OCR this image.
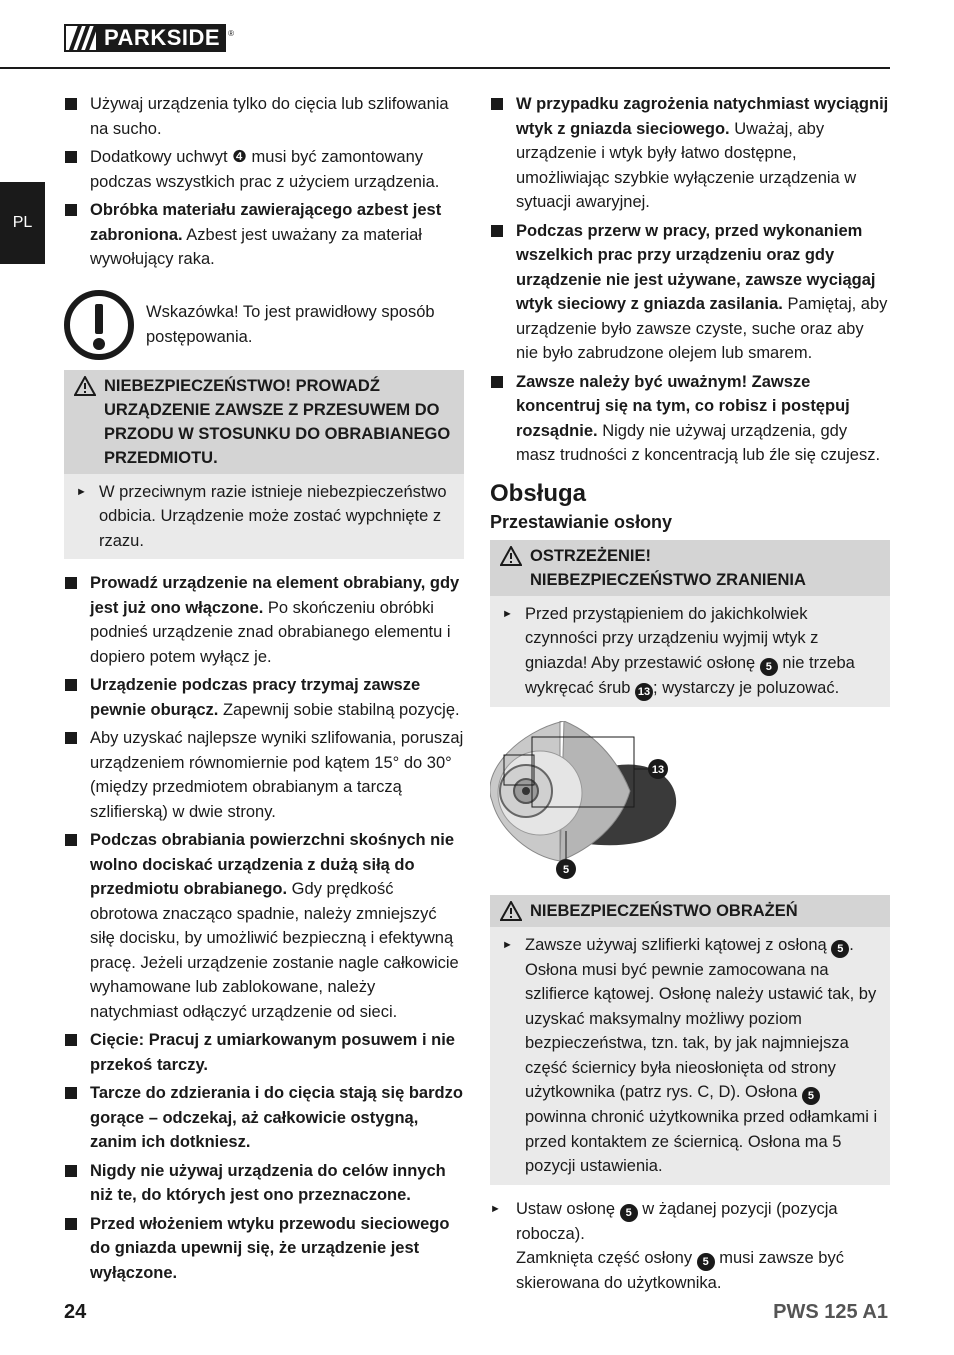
PARKSIDE	®
PL
Używaj urządzenia tylko do cięcia lub szlifowania na sucho.
Dodatkowy uchwyt ❹ musi być zamontowany podczas wszystkich prac z użyciem urządzenia.
Obróbka materiału zawierającego azbest jest zabroniona. Azbest jest uważany za materiał wywołujący raka.
Wskazówka! To jest prawidłowy sposób postępowania.
NIEBEZPIECZEŃSTWO! PROWADŹ URZĄDZENIE ZAWSZE Z PRZESUWEM DO PRZODU W STOSUNKU DO OBRABIANEGO PRZEDMIOTU.
► W przeciwnym razie istnieje niebezpieczeństwo odbicia. Urządzenie może zostać wypchnięte z rzazu.
Prowadź urządzenie na element obrabiany, gdy jest już ono włączone. Po skończeniu obróbki podnieś urządzenie znad obrabianego elementu i dopiero potem wyłącz je.
Urządzenie podczas pracy trzymaj zawsze pewnie oburącz. Zapewnij sobie stabilną pozycję.
Aby uzyskać najlepsze wyniki szlifowania, poruszaj urządzeniem równomiernie pod kątem 15° do 30° (między przedmiotem obrabianym a tarczą szlifierską) w dwie strony.
Podczas obrabiania powierzchni skośnych nie wolno dociskać urządzenia z dużą siłą do przedmiotu obrabianego. Gdy prędkość obrotowa znacząco spadnie, należy zmniejszyć siłę docisku, by umożliwić bezpieczną i efektywną pracę. Jeżeli urządzenie zostanie nagle całkowicie wyhamowane lub zablokowane, należy natychmiast odłączyć urządzenie od sieci.
Cięcie: Pracuj z umiarkowanym posuwem i nie przekoś tarczy.
Tarcze do zdzierania i do cięcia stają się bardzo gorące – odczekaj, aż całkowicie ostygną, zanim ich dotkniesz.
Nigdy nie używaj urządzenia do celów innych niż te, do których jest ono przeznaczone.
Przed włożeniem wtyku przewodu sieciowego do gniazda upewnij się, że urządzenie jest wyłączone.
W przypadku zagrożenia natychmiast wyciągnij wtyk z gniazda sieciowego. Uważaj, aby urządzenie i wtyk były łatwo dostępne, umożliwiając szybkie wyłączenie urządzenia w sytuacji awaryjnej.
Podczas przerw w pracy, przed wykonaniem wszelkich prac przy urządzeniu oraz gdy urządzenie nie jest używane, zawsze wyciągaj wtyk sieciowy z gniazda zasilania. Pamiętaj, aby urządzenie było zawsze czyste, suche oraz aby nie było zabrudzone olejem lub smarem.
Zawsze należy być uważnym! Zawsze koncentruj się na tym, co robisz i postępuj rozsądnie. Nigdy nie używaj urządzenia, gdy masz trudności z koncentracją lub źle się czujesz.
Obsługa
Przestawianie osłony
OSTRZEŻENIE!
NIEBEZPIECZEŃSTWO ZRANIENIA
► Przed przystąpieniem do jakichkolwiek czynności przy urządzeniu wyjmij wtyk z gniazda! Aby przestawić osłonę 5 nie trzeba wykręcać śrub 13 ; wystarczy je poluzować.
13
5
NIEBEZPIECZEŃSTWO OBRAŻEŃ
► Zawsze używaj szlifierki kątowej z osłoną 5 . Osłona musi być pewnie zamocowana na szlifierce kątowej. Osłonę należy ustawić tak, by uzyskać maksymalny możliwy poziom bezpieczeństwa, tzn. tak, by jak najmniejsza część ściernicy była nieosłonięta od strony użytkownika (patrz rys. C, D). Osłona 5 powinna chronić użytkownika przed odłamkami i przed kontaktem ze ściernicą. Osłona ma 5 pozycji ustawienia.
► Ustaw osłonę 5 w żądanej pozycji (pozycja robocza).
Zamknięta część osłony 5 musi zawsze być skierowana do użytkownika.
24	PWS 125 A1
